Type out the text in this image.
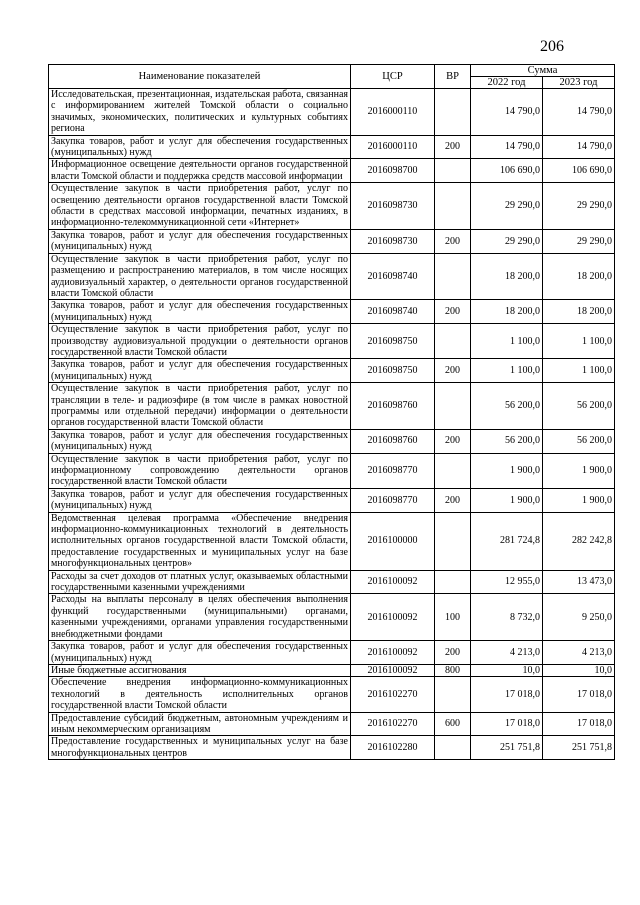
206
Наименование показателей	ЦСР	ВР	Сумма	
			2022 год	2023 год
Исследовательская, презентационная, издательская работа, связанная с информированием жителей Томской области о социально значимых, экономических, политических и культурных событиях региона	2016000110		14 790,0	14 790,0
Закупка товаров, работ и услуг для обеспечения государственных (муниципальных) нужд	2016000110	200	14 790,0	14 790,0
Информационное освещение деятельности органов государственной власти Томской области и поддержка средств массовой информации	2016098700		106 690,0	106 690,0
Осуществление закупок в части приобретения работ, услуг по освещению деятельности органов государственной власти Томской области в средствах массовой информации, печатных изданиях, в информационно-телекоммуникационной сети «Интернет»	2016098730		29 290,0	29 290,0
Закупка товаров, работ и услуг для обеспечения государственных (муниципальных) нужд	2016098730	200	29 290,0	29 290,0
Осуществление закупок в части приобретения работ, услуг по размещению и распространению материалов, в том числе носящих аудиовизуальный характер, о деятельности органов государственной власти Томской области	2016098740		18 200,0	18 200,0
Закупка товаров, работ и услуг для обеспечения государственных (муниципальных) нужд	2016098740	200	18 200,0	18 200,0
Осуществление закупок в части приобретения работ, услуг по производству аудиовизуальной продукции о деятельности органов государственной власти Томской области	2016098750		1 100,0	1 100,0
Закупка товаров, работ и услуг для обеспечения государственных (муниципальных) нужд	2016098750	200	1 100,0	1 100,0
Осуществление закупок в части приобретения работ, услуг по трансляции в теле- и радиоэфире (в том числе в рамках новостной программы или отдельной передачи) информации о деятельности органов государственной власти Томской области	2016098760		56 200,0	56 200,0
Закупка товаров, работ и услуг для обеспечения государственных (муниципальных) нужд	2016098760	200	56 200,0	56 200,0
Осуществление закупок в части приобретения работ, услуг по информационному сопровождению деятельности органов государственной власти Томской области	2016098770		1 900,0	1 900,0
Закупка товаров, работ и услуг для обеспечения государственных (муниципальных) нужд	2016098770	200	1 900,0	1 900,0
Ведомственная целевая программа «Обеспечение внедрения информационно-коммуникационных технологий в деятельность исполнительных органов государственной власти Томской области, предоставление государственных и муниципальных услуг на базе многофункциональных центров»	2016100000		281 724,8	282 242,8
Расходы за счет доходов от платных услуг, оказываемых областными государственными казенными учреждениями	2016100092		12 955,0	13 473,0
Расходы на выплаты персоналу в целях обеспечения выполнения функций государственными (муниципальными) органами, казенными учреждениями, органами управления государственными внебюджетными фондами	2016100092	100	8 732,0	9 250,0
Закупка товаров, работ и услуг для обеспечения государственных (муниципальных) нужд	2016100092	200	4 213,0	4 213,0
Иные бюджетные ассигнования	2016100092	800	10,0	10,0
Обеспечение внедрения информационно-коммуникационных технологий в деятельность исполнительных органов государственной власти Томской области	2016102270		17 018,0	17 018,0
Предоставление субсидий бюджетным, автономным учреждениям и иным некоммерческим организациям	2016102270	600	17 018,0	17 018,0
Предоставление государственных и муниципальных услуг на базе многофункциональных центров	2016102280		251 751,8	251 751,8
